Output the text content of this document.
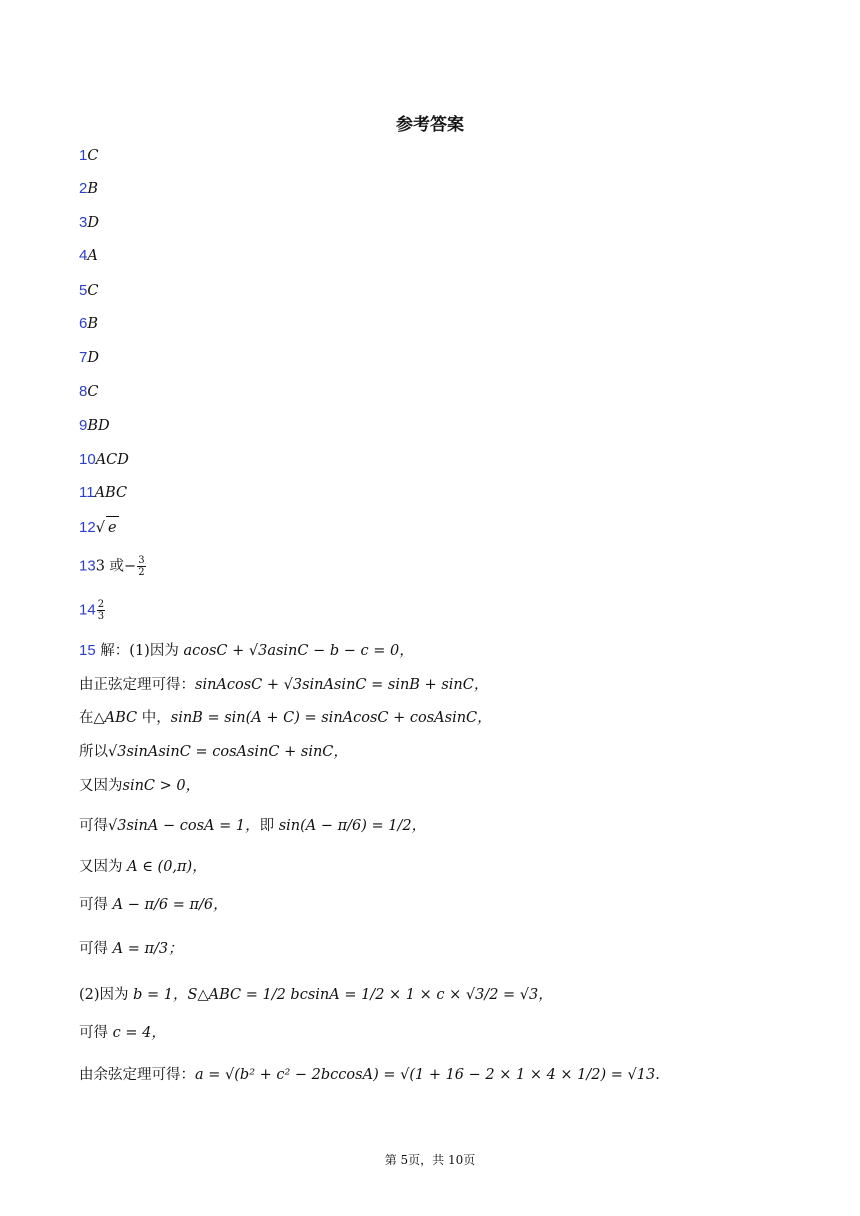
参考答案
1C
2B
3D
4A
5C
6B
7D
8C
9BD
10ACD
11ABC
12√ e
133 或− $\frac{3}{2}$
$14 \frac{2}{3}$
15 解：(1)因为 acosC + √3asinC − b − c = 0，
由正弦定理可得：sinAcosC + √3sinAsinC = sinB + sinC，
在△ABC 中，sinB = sin(A + C) = sinAcosC + cosAsinC，
所以√3sinAsinC = cosAsinC + sinC，
又因为sinC > 0，
可得√3sinA − cosA = 1，即 sin(A − π/6) = 1/2，
又因为 A ∈ (0,π)，
可得 A − π/6 = π/6，
可得 A = π/3；
(2)因为 b = 1，S△ABC = 1/2 bcsinA = 1/2 × 1 × c × √3/2 = √3，
可得 c = 4，
由余弦定理可得：a = √(b² + c² − 2bccosA) = √(1 + 16 − 2 × 1 × 4 × 1/2) = √13.
第 5页，共 10页
